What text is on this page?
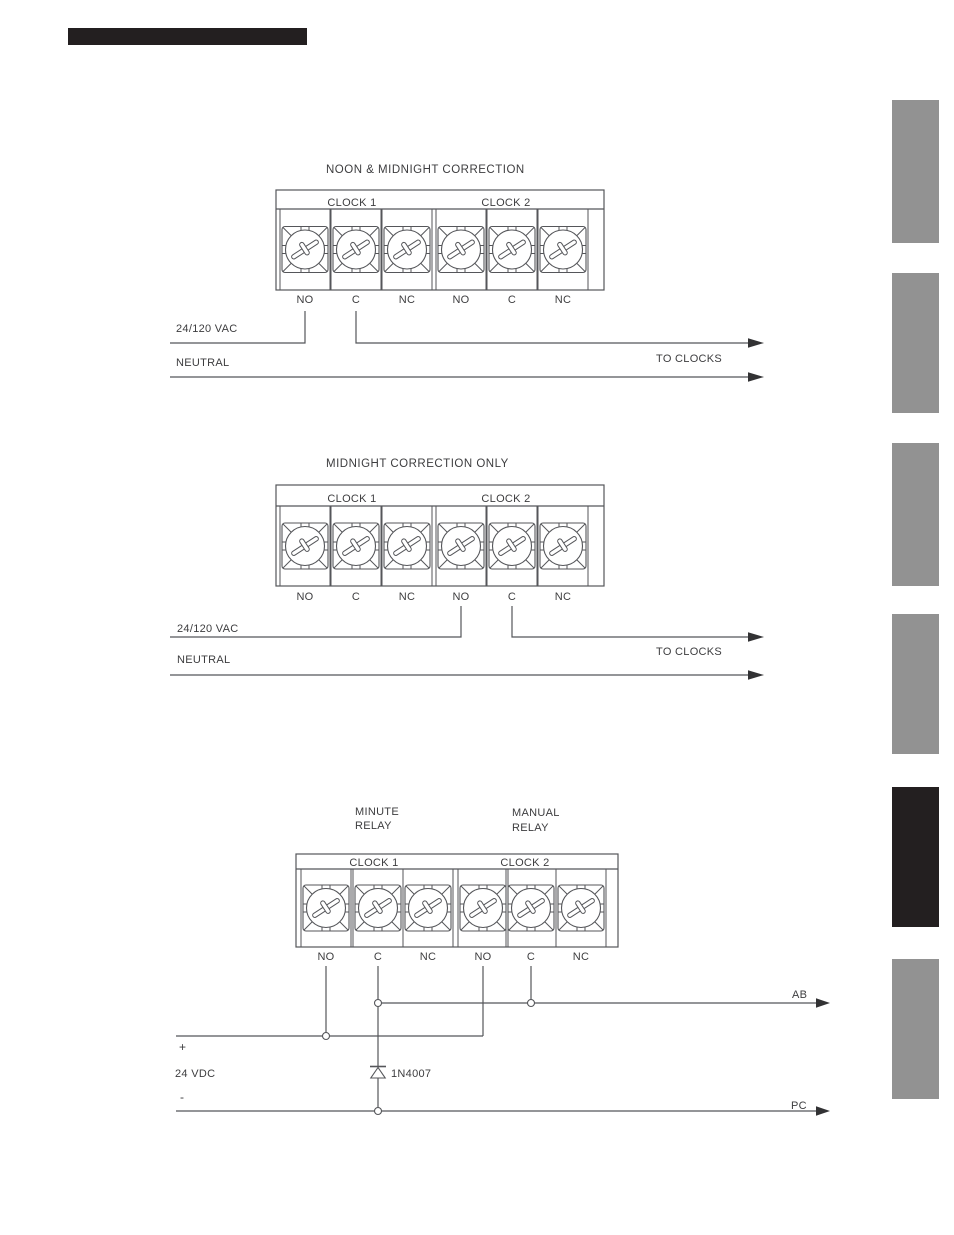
NOON & MIDNIGHT CORRECTION
24/120 VAC
NEUTRAL	TO CLOCKS
MIDNIGHT CORRECTION ONLY
24/120 VAC
NEUTRAL
TO CLOCKS
MINUTE
RELAY
MANUAL
RELAY
+
24 VDC
-
1N4007
AB
PC
NO	C	NC	NO	C	NC
CLOCK 1	CLOCK 2
NO	C	NC	NO	C	NC
CLOCK 1	CLOCK 2
NO	C	NC	NO	C	NC
CLOCK 1	CLOCK 2
